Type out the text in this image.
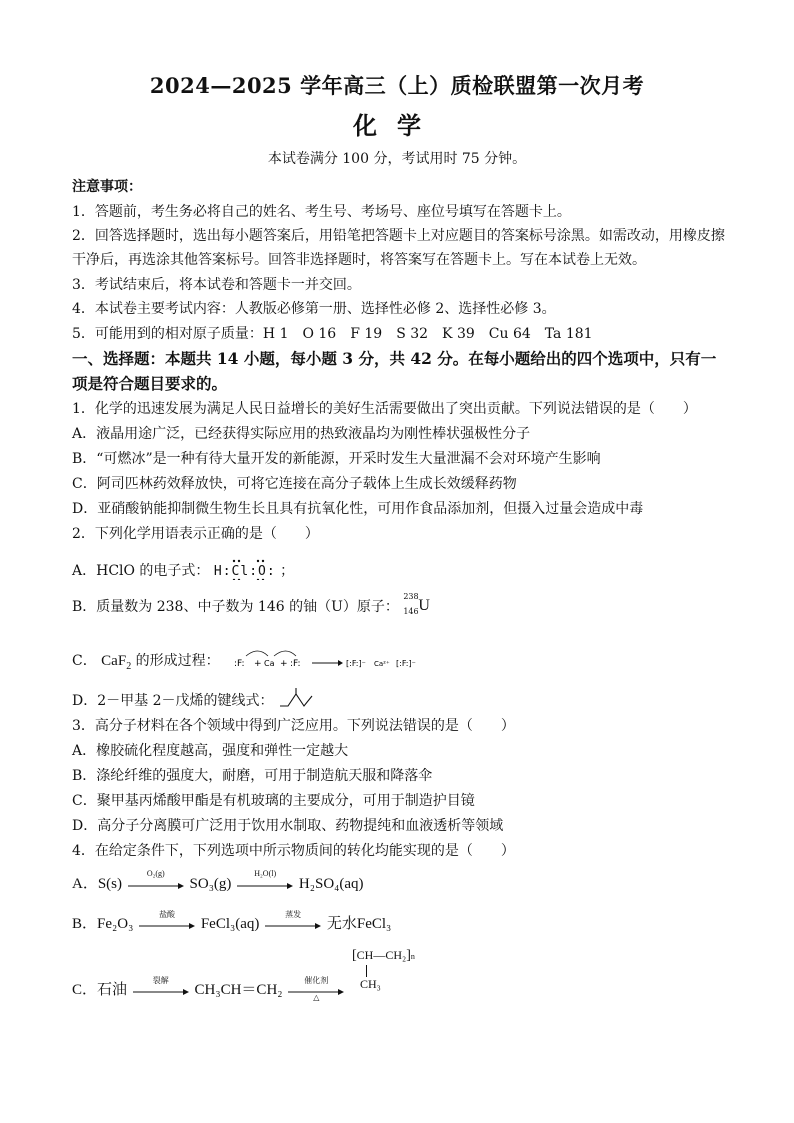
2024—2025 学年高三（上）质检联盟第一次月考
化学
本试卷满分 100 分，考试用时 75 分钟。
注意事项：
1．答题前，考生务必将自己的姓名、考生号、考场号、座位号填写在答题卡上。
2．回答选择题时，选出每小题答案后，用铅笔把答题卡上对应题目的答案标号涂黑。如需改动，用橡皮擦
干净后，再选涂其他答案标号。回答非选择题时，将答案写在答题卡上。写在本试卷上无效。
3．考试结束后，将本试卷和答题卡一并交回。
4．本试卷主要考试内容：人教版必修第一册、选择性必修 2、选择性必修 3。
5．可能用到的相对原子质量：H 1　O 16　F 19　S 32　K 39　Cu 64　Ta 181
一、选择题：本题共 14 小题，每小题 3 分，共 42 分。在每小题给出的四个选项中，只有一
项是符合题目要求的。
1．化学的迅速发展为满足人民日益增长的美好生活需要做出了突出贡献。下列说法错误的是（　　）
A．液晶用途广泛，已经获得实际应用的热致液晶均为刚性棒状强极性分子
B．“可燃冰”是一种有待大量开发的新能源，开采时发生大量泄漏不会对环境产生影响
C．阿司匹林药效释放快，可将它连接在高分子载体上生成长效缓释药物
D．亚硝酸钠能抑制微生物生长且具有抗氧化性，可用作食品添加剂，但摄入过量会造成中毒
2．下列化学用语表示正确的是（　　）
A．HClO 的电子式： H:Cl:O: ；
B．质量数为 238、中子数为 146 的铀（U）原子：
238
146 U
C． CaF$_2$ 的形成过程： :F: + Ca + :F:	[:F:]⁻ Ca²⁺ [:F:]⁻
D．2－甲基 2－戊烯的键线式：
3．高分子材料在各个领域中得到广泛应用。下列说法错误的是（　　）
A．橡胶硫化程度越高，强度和弹性一定越大
B．涤纶纤维的强度大，耐磨，可用于制造航天服和降落伞
C．聚甲基丙烯酸甲酯是有机玻璃的主要成分，可用于制造护目镜
D．高分子分离膜可广泛用于饮用水制取、药物提纯和血液透析等领域
4．在给定条件下，下列选项中所示物质间的转化均能实现的是（　　）
A．S(s)
O₂(g)
SO₃(g)
H₂O(l)
H₂SO₄(aq)
B．Fe₂O₃
盐酸
FeCl₃(aq)
蒸发
无水FeCl₃
C．石油
裂解
CH₃CH＝CH₂
催化剂
△
[CH—CH₂]n
CH₃
